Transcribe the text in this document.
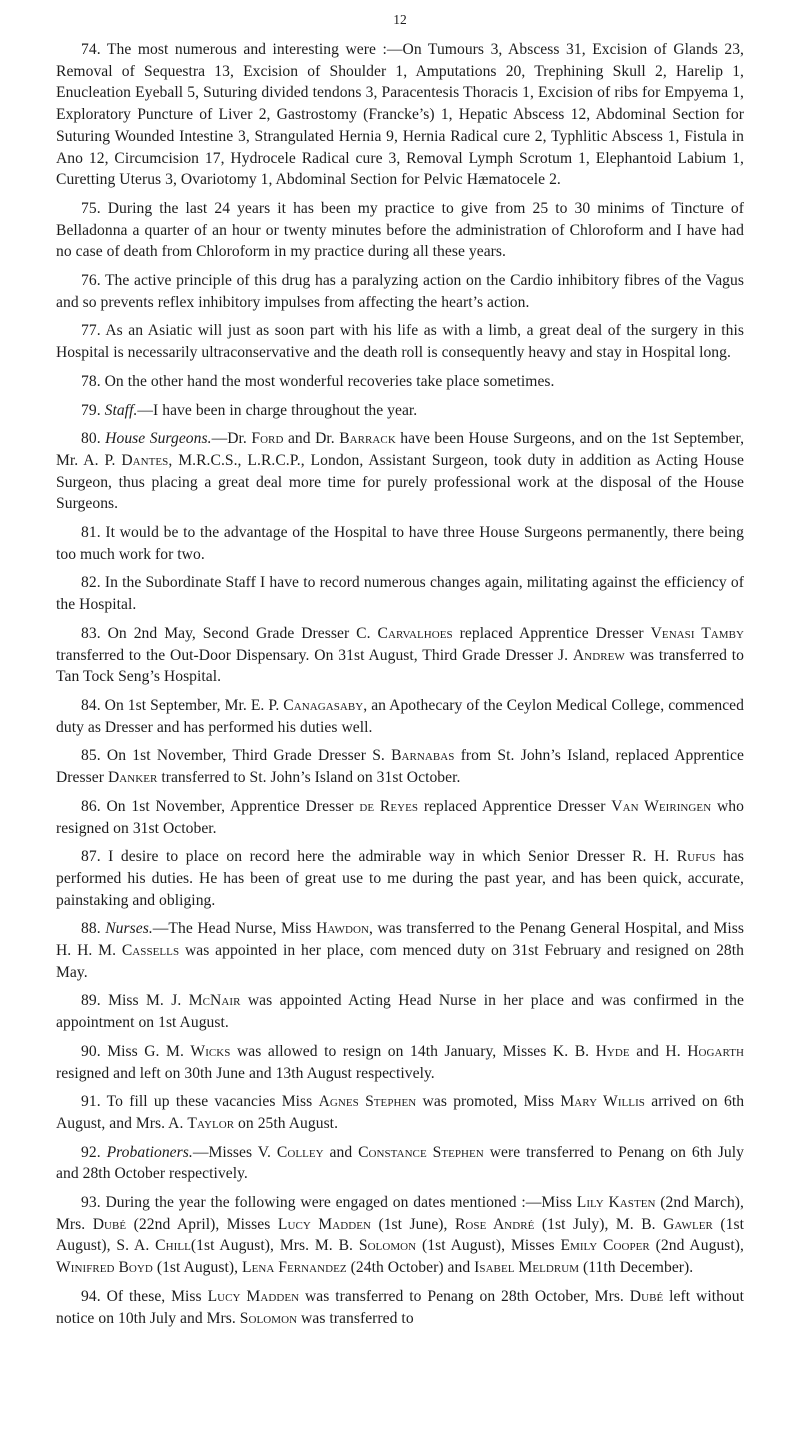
12

74. The most numerous and interesting were :—On Tumours 3, Abscess 31, Excision of Glands 23, Removal of Sequestra 13, Excision of Shoulder 1, Amputations 20, Trephining Skull 2, Harelip 1, Enucleation Eyeball 5, Suturing divided tendons 3, Paracentesis Thoracis 1, Excision of ribs for Empyema 1, Exploratory Puncture of Liver 2, Gastrostomy (Francke’s) 1, Hepatic Abscess 12, Abdominal Section for Suturing Wounded Intestine 3, Strangulated Hernia 9, Hernia Radical cure 2, Typhlitic Abscess 1, Fistula in Ano 12, Circumcision 17, Hydrocele Radical cure 3, Removal Lymph Scrotum 1, Elephantoid Labium 1, Curetting Uterus 3, Ovariotomy 1, Abdominal Section for Pelvic Hæmatocele 2.

75. During the last 24 years it has been my practice to give from 25 to 30 minims of Tincture of Belladonna a quarter of an hour or twenty minutes before the administration of Chloroform and I have had no case of death from Chloroform in my practice during all these years.

76. The active principle of this drug has a paralyzing action on the Cardio inhibitory fibres of the Vagus and so prevents reflex inhibitory impulses from affecting the heart’s action.

77. As an Asiatic will just as soon part with his life as with a limb, a great deal of the surgery in this Hospital is necessarily ultraconservative and the death roll is consequently heavy and stay in Hospital long.

78. On the other hand the most wonderful recoveries take place sometimes.

79. Staff.—I have been in charge throughout the year.

80. House Surgeons.—Dr. Ford and Dr. Barrack have been House Surgeons, and on the 1st September, Mr. A. P. Dantes, M.R.C.S., L.R.C.P., London, Assistant Surgeon, took duty in addition as Acting House Surgeon, thus placing a great deal more time for purely professional work at the disposal of the House Surgeons.

81. It would be to the advantage of the Hospital to have three House Surgeons permanently, there being too much work for two.

82. In the Subordinate Staff I have to record numerous changes again, militating against the efficiency of the Hospital.

83. On 2nd May, Second Grade Dresser C. Carvalhoes replaced Apprentice Dresser Venasi Tamby transferred to the Out-Door Dispensary. On 31st August, Third Grade Dresser J. Andrew was transferred to Tan Tock Seng’s Hospital.

84. On 1st September, Mr. E. P. Canagasaby, an Apothecary of the Ceylon Medical College, commenced duty as Dresser and has performed his duties well.

85. On 1st November, Third Grade Dresser S. Barnabas from St. John’s Island, replaced Apprentice Dresser Danker transferred to St. John’s Island on 31st October.

86. On 1st November, Apprentice Dresser de Reyes replaced Apprentice Dresser Van Weiringen who resigned on 31st October.

87. I desire to place on record here the admirable way in which Senior Dresser R. H. Rufus has performed his duties. He has been of great use to me during the past year, and has been quick, accurate, painstaking and obliging.

88. Nurses.—The Head Nurse, Miss Hawdon, was transferred to the Penang General Hospital, and Miss H. H. M. Cassells was appointed in her place, com menced duty on 31st February and resigned on 28th May.

89. Miss M. J. McNair was appointed Acting Head Nurse in her place and was confirmed in the appointment on 1st August.

90. Miss G. M. Wicks was allowed to resign on 14th January, Misses K. B. Hyde and H. Hogarth resigned and left on 30th June and 13th August respectively.

91. To fill up these vacancies Miss Agnes Stephen was promoted, Miss Mary Willis arrived on 6th August, and Mrs. A. Taylor on 25th August.

92. Probationers.—Misses V. Colley and Constance Stephen were transferred to Penang on 6th July and 28th October respectively.

93. During the year the following were engaged on dates mentioned :—Miss Lily Kasten (2nd March), Mrs. Dubé (22nd April), Misses Lucy Madden (1st June), Rose André (1st July), M. B. Gawler (1st August), S. A. Chill(1st August), Mrs. M. B. Solomon (1st August), Misses Emily Cooper (2nd August), Winifred Boyd (1st August), Lena Fernandez (24th October) and Isabel Meldrum (11th December).

94. Of these, Miss Lucy Madden was transferred to Penang on 28th October, Mrs. Dubé left without notice on 10th July and Mrs. Solomon was transferred to
